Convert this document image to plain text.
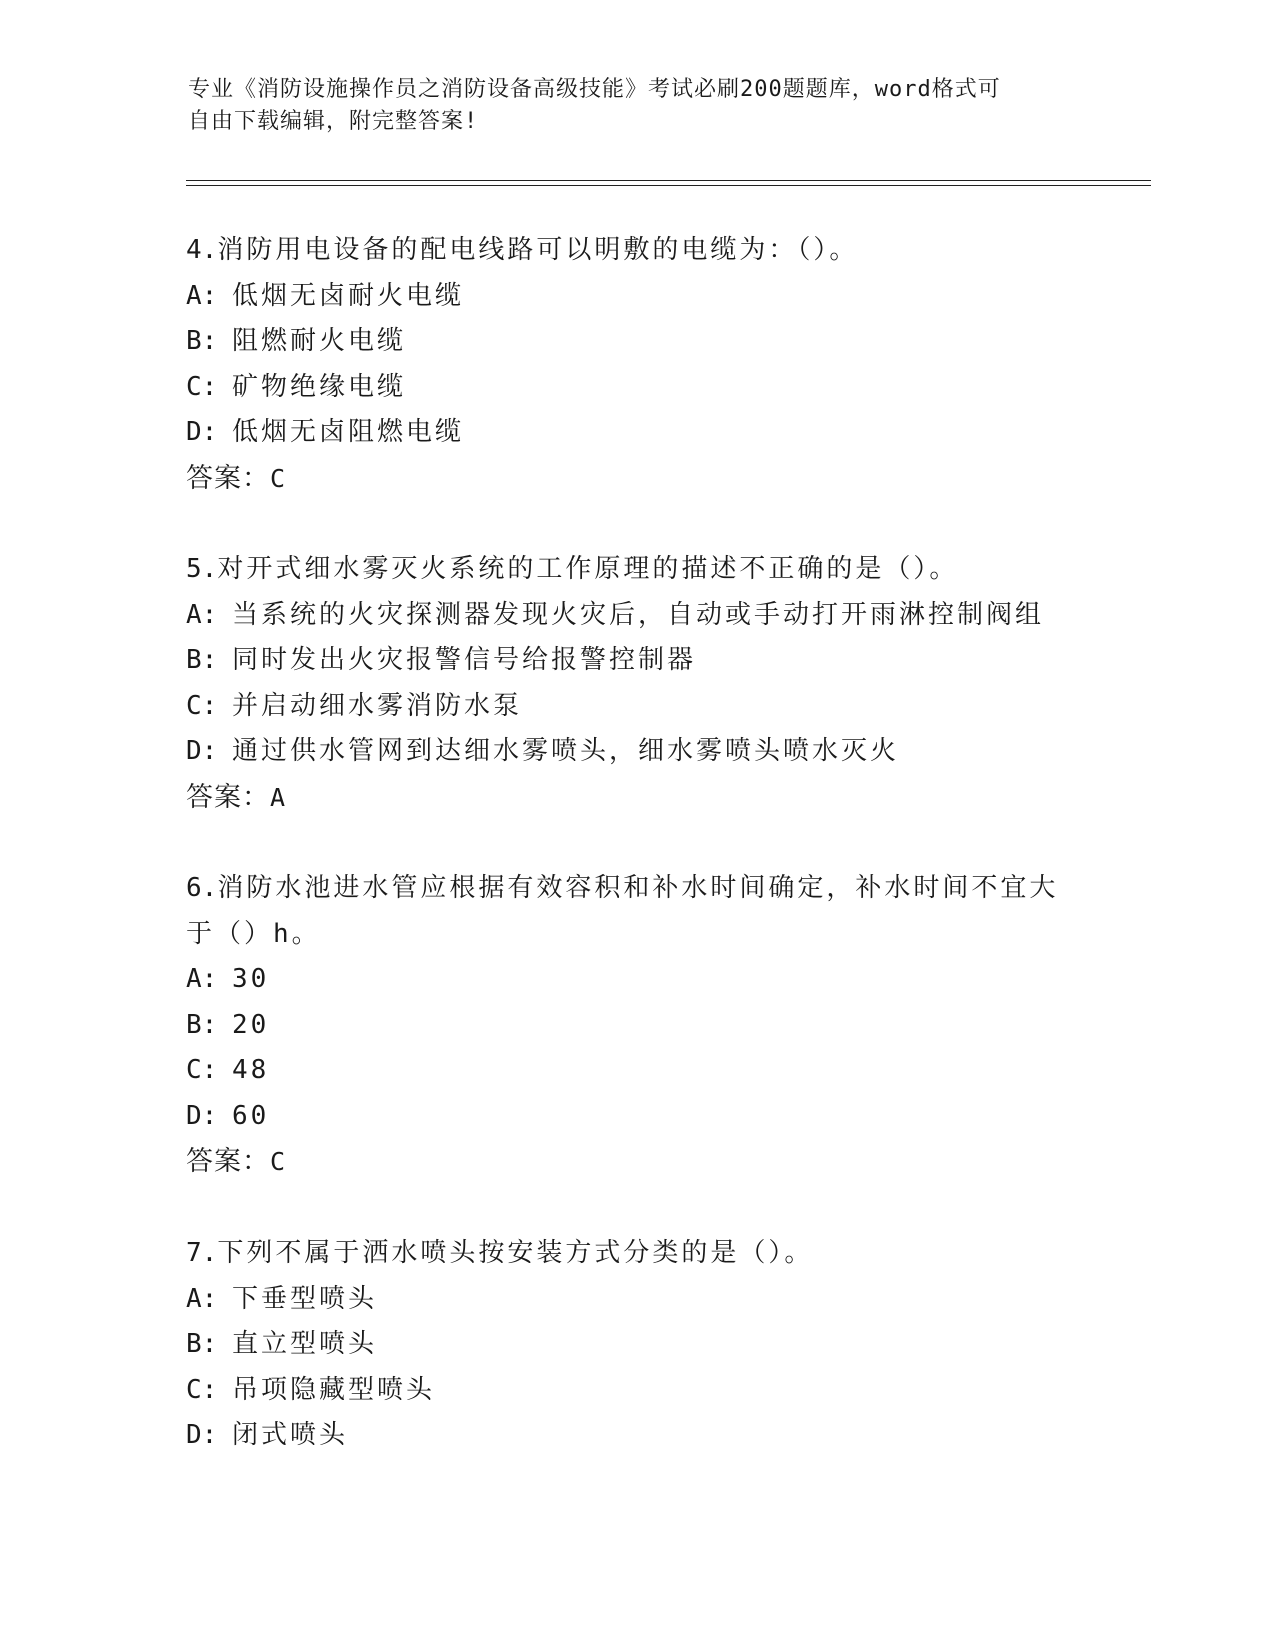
专业《消防设施操作员之消防设备高级技能》考试必刷200题题库，word格式可
自由下载编辑，附完整答案!
4.消防用电设备的配电线路可以明敷的电缆为：（）。
A: 低烟无卤耐火电缆
B: 阻燃耐火电缆
C: 矿物绝缘电缆
D: 低烟无卤阻燃电缆
答案：C
5.对开式细水雾灭火系统的工作原理的描述不正确的是（）。
A: 当系统的火灾探测器发现火灾后，自动或手动打开雨淋控制阀组
B: 同时发出火灾报警信号给报警控制器
C: 并启动细水雾消防水泵
D: 通过供水管网到达细水雾喷头，细水雾喷头喷水灭火
答案：A
6.消防水池进水管应根据有效容积和补水时间确定，补水时间不宜大
于（）h。
A: 30
B: 20
C: 48
D: 60
答案：C
7.下列不属于洒水喷头按安装方式分类的是（）。
A: 下垂型喷头
B: 直立型喷头
C: 吊项隐藏型喷头
D: 闭式喷头
